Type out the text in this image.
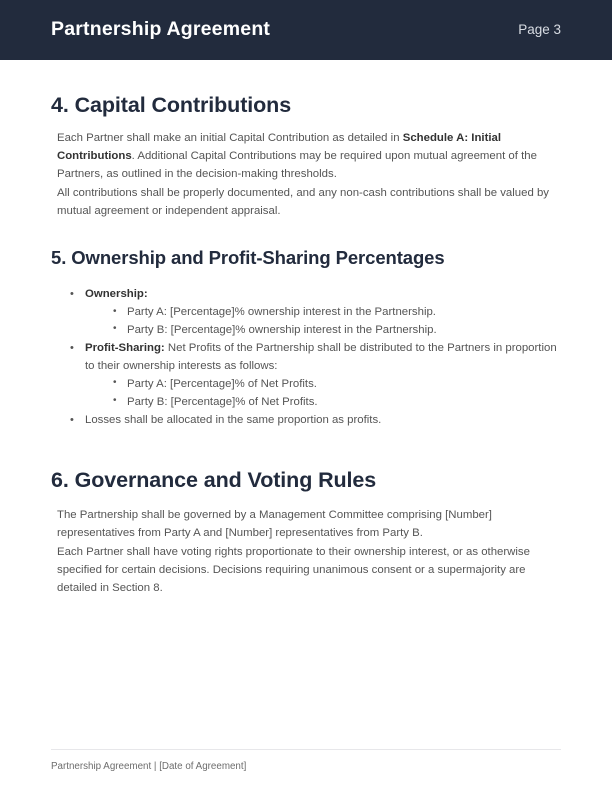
Partnership Agreement	Page 3
4. Capital Contributions

Each Partner shall make an initial Capital Contribution as detailed in Schedule A: Initial Contributions. Additional Capital Contributions may be required upon mutual agreement of the Partners, as outlined in the decision-making thresholds.

All contributions shall be properly documented, and any non-cash contributions shall be valued by mutual agreement or independent appraisal.

5. Ownership and Profit-Sharing Percentages
• Ownership:
• Party A: [Percentage]% ownership interest in the Partnership.
• Party B: [Percentage]% ownership interest in the Partnership.
• Profit-Sharing: Net Profits of the Partnership shall be distributed to the Partners in proportion to their ownership interests as follows:
• Party A: [Percentage]% of Net Profits.
• Party B: [Percentage]% of Net Profits.
• Losses shall be allocated in the same proportion as profits.
6. Governance and Voting Rules

The Partnership shall be governed by a Management Committee comprising [Number] representatives from Party A and [Number] representatives from Party B.

Each Partner shall have voting rights proportionate to their ownership interest, or as otherwise specified for certain decisions. Decisions requiring unanimous consent or a supermajority are detailed in Section 8.

Partnership Agreement | [Date of Agreement]
